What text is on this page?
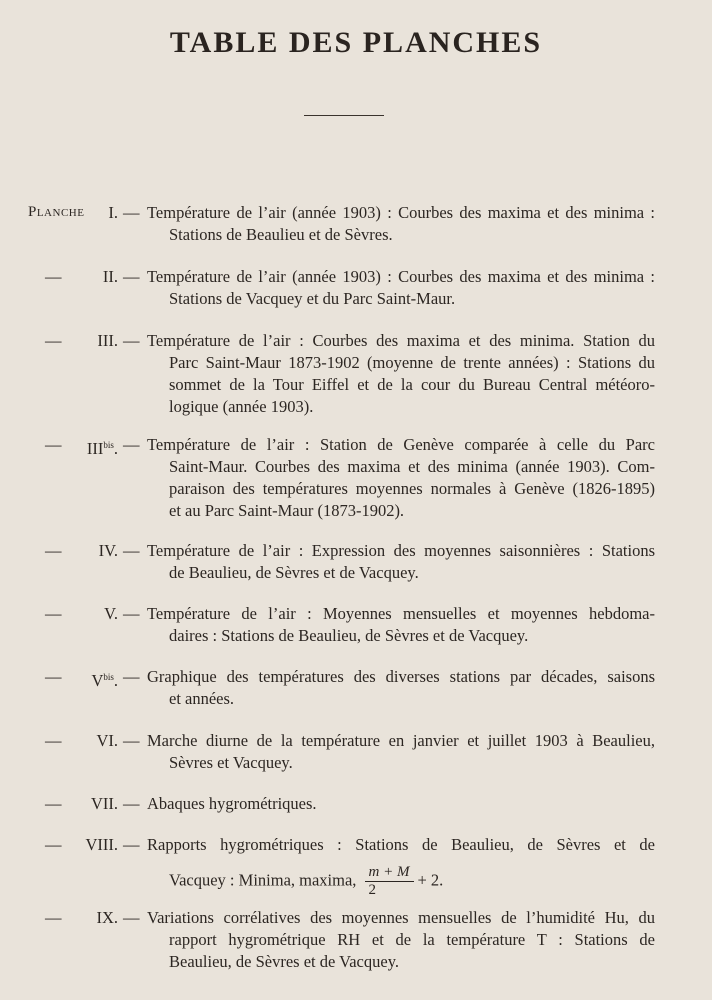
TABLE DES PLANCHES
Planche I. — Température de l’air (année 1903) : Courbes des maxima et des minima :
Stations de Beaulieu et de Sèvres.
—	II. — Température de l’air (année 1903) : Courbes des maxima et des minima :
Stations de Vacquey et du Parc Saint-Maur.
— III. — Température de l’air : Courbes des maxima et des minima. Station du
Parc Saint-Maur 1873-1902 (moyenne de trente années) : Stations du
sommet de la Tour Eiffel et de la cour du Bureau Central météoro-
logique (année 1903).
— $III^{bis}$. — Température de l’air : Station de Genève comparée à celle du Parc
Saint-Maur. Courbes des maxima et des minima (année 1903). Com-
paraison des températures moyennes normales à Genève (1826-1895)
et au Parc Saint-Maur (1873-1902).
— IV. — Température de l’air : Expression des moyennes saisonnières : Stations
de Beaulieu, de Sèvres et de Vacquey.
—	V. — Température de l’air : Moyennes mensuelles et moyennes hebdoma-
daires : Stations de Beaulieu, de Sèvres et de Vacquey.
— $V^{bis}$. — Graphique des températures des diverses stations par décades, saisons
et années.
— VI. — Marche diurne de la température en janvier et juillet 1903 à Beaulieu,
Sèvres et Vacquey.
— VII. — Abaques hygrométriques.
— VIII. — Rapports hygrométriques : Stations de Beaulieu, de Sèvres et de
Vacquey : Minima, maxima, $\frac{m + M}{2} + 2$.
— IX. — Variations corrélatives des moyennes mensuelles de l’humidité Hu, du
rapport hygrométrique RH et de la température T : Stations de
Beaulieu, de Sèvres et de Vacquey.
